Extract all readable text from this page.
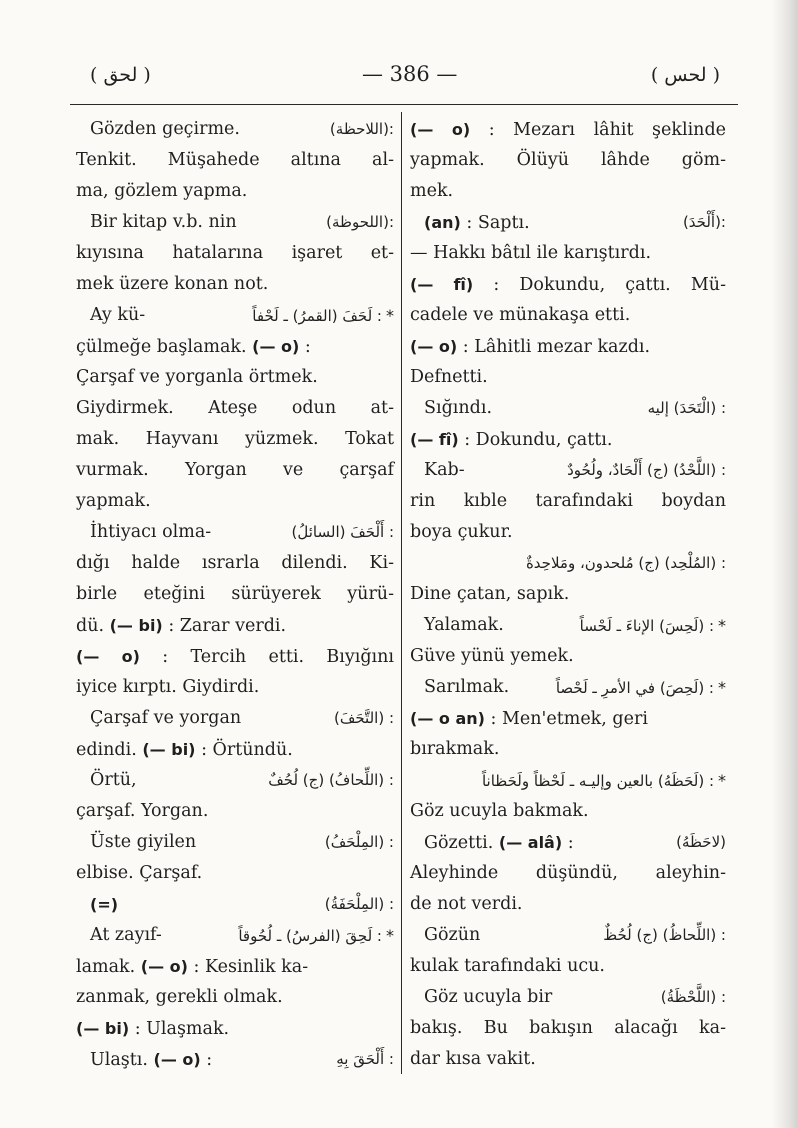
( لحق )	— 386 —	( لحس )
:(اللاحظة)
Gözden geçirme.
Tenkit. Müşahede altına al-
ma, gözlem yapma.
:(اللحوظة)
Bir kitap v.b. nin
kıyısına hatalarına işaret et-
mek üzere konan not.
: لَحَفَ (القمرُ) ـ لَحْفاً *
Ay kü-
çülmeğe başlamak. (— o) :
Çarşaf ve yorganla örtmek.
Giydirmek. Ateşe odun at-
mak. Hayvanı yüzmek. Tokat
vurmak. Yorgan ve çarşaf
yapmak.
: أَلْحَفَ (السائلُ)
İhtiyacı olma-
dığı halde ısrarla dilendi. Ki-
birle eteğini sürüyerek yürü-
dü. (— bi) : Zarar verdi.
(— o) : Tercih etti. Bıyığını
iyice kırptı. Giydirdi.
: (التَّحَفَ)
Çarşaf ve yorgan
edindi. (— bi) : Örtündü.
: (اللِّحافُ) (ج) لُحُفٌ
Örtü,
çarşaf. Yorgan.
: (المِلْحَفُ)
Üste giyilen
elbise. Çarşaf.
: (المِلْحَفَةُ)
(=)
: لَحِقَ (الفرسُ) ـ لُحُوقاً *
At zayıf-
lamak. (— o) : Kesinlik ka-
zanmak, gerekli olmak.
(— bi) : Ulaşmak.
: أَلْحَقَ بِهِ
Ulaştı. (— o) :
(— o) : Mezarı lâhit şeklinde
yapmak. Ölüyü lâhde göm-
mek.
:(أَلْحَدَ)
(an) : Saptı.
— Hakkı bâtıl ile karıştırdı.
(— fî) : Dokundu, çattı. Mü-
cadele ve münakaşa etti.
(— o) : Lâhitli mezar kazdı.
Defnetti.
: (الْتَحَدَ) إليه
Sığındı.
(— fî) : Dokundu, çattı.
: (اللَّحْدُ) (ج) أَلْحَادٌ، ولُحُودٌ
Kab-
rin kıble tarafındaki boydan
boya çukur.
: (المُلْحِد) (ج) مُلحدون، ومَلاحِدةٌ
Dine çatan, sapık.
: (لَحِسَ) الإناءَ ـ لَحْساً *
Yalamak.
Güve yünü yemek.
: (لَحِصَ) في الأمرِ ـ لَحْصاً *
Sarılmak.
(— o an) : Men'etmek, geri
bırakmak.
: (لَحَظَهُ) بالعين وإليـه ـ لَحْظاً ولَحَظاناً *
Göz ucuyla bakmak.
(لاحَظَهُ)
Gözetti. (— alâ) :
Aleyhinde düşündü, aleyhin-
de not verdi.
: (اللِّحاظُ) (ج) لُحُظٌ
Gözün
kulak tarafındaki ucu.
: (اللَّحْظَةُ)
Göz ucuyla bir
bakış. Bu bakışın alacağı ka-
dar kısa vakit.
